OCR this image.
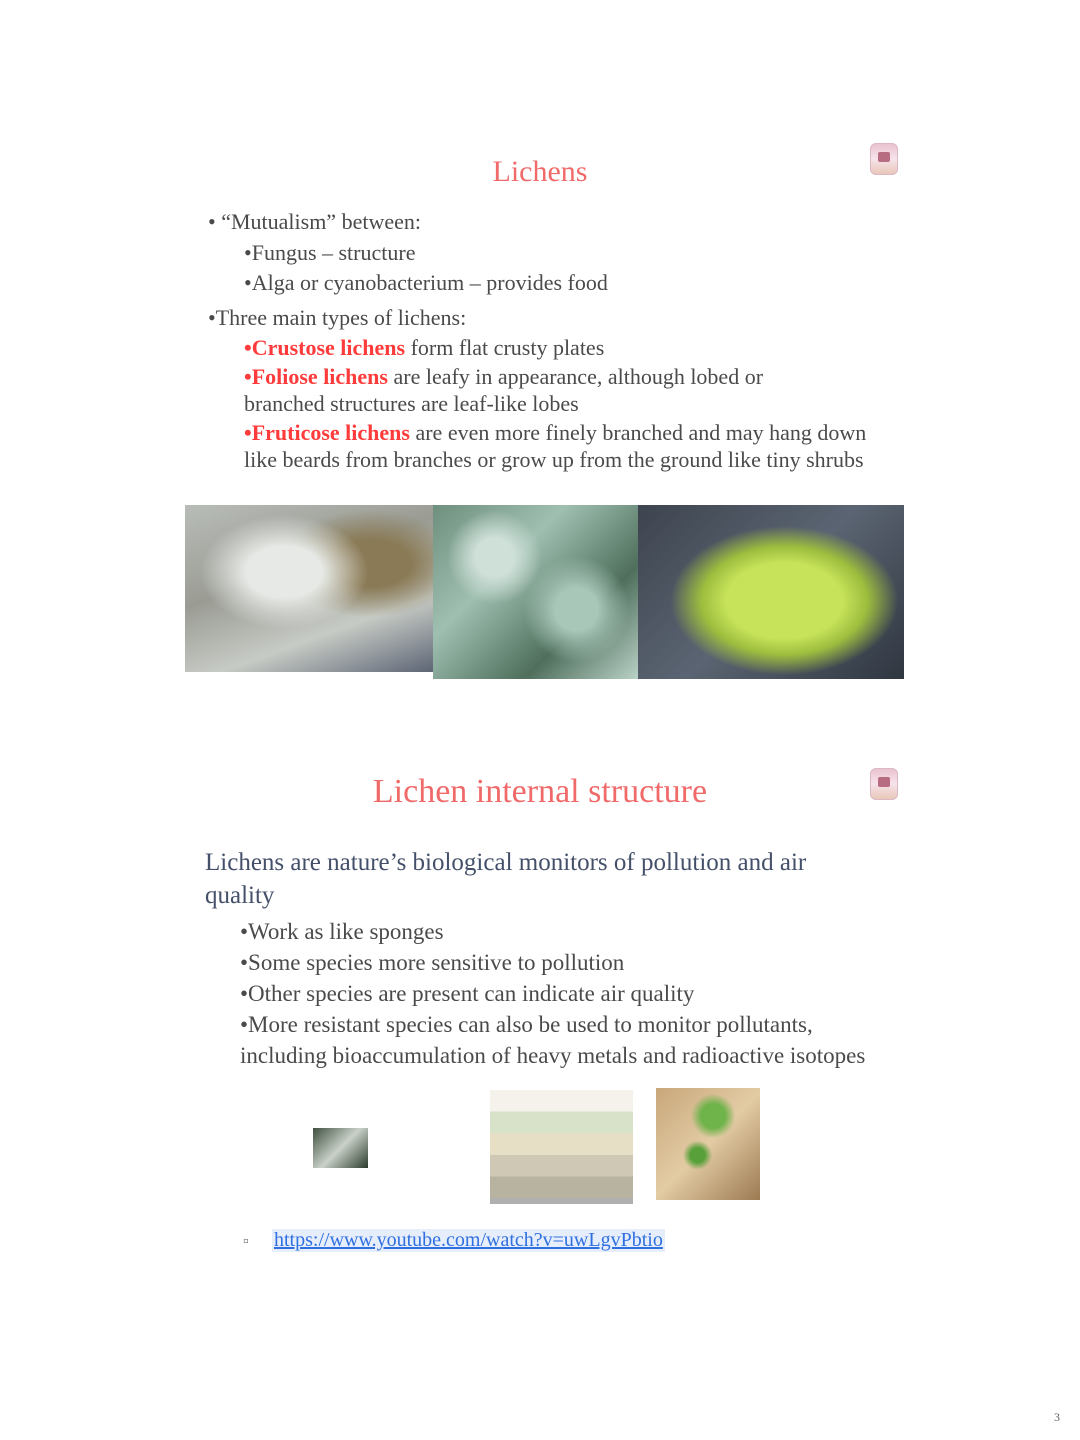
Lichens
• “Mutualism” between:
•Fungus – structure
•Alga or cyanobacterium – provides food
•Three main types of lichens:
•Crustose lichens form flat crusty plates
•Foliose lichens are leafy in appearance, although lobed or branched structures are leaf-like lobes
•Fruticose lichens are even more finely branched and may hang down like beards from branches or grow up from the ground like tiny shrubs
Lichen internal structure
Lichens are nature’s biological monitors of pollution and air quality
•Work as like sponges
•Some species more sensitive to pollution
•Other species are present can indicate air quality
•More resistant species can also be used to monitor pollutants, including bioaccumulation of heavy metals and radioactive isotopes
▫ https://www.youtube.com/watch?v=uwLgvPbtio
3
